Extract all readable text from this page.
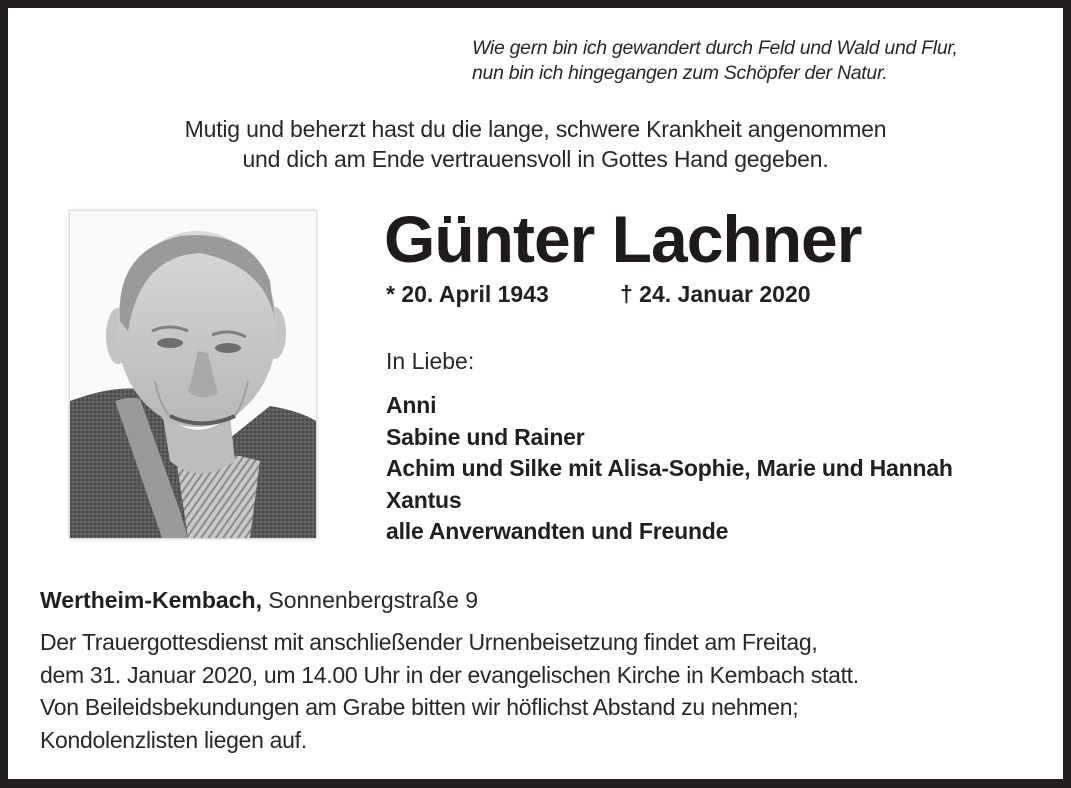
Wie gern bin ich gewandert durch Feld und Wald und Flur,
nun bin ich hingegangen zum Schöpfer der Natur.
Mutig und beherzt hast du die lange, schwere Krankheit angenommen
und dich am Ende vertrauensvoll in Gottes Hand gegeben.
Günter Lachner
* 20. April 1943	† 24. Januar 2020
In Liebe:
Anni
Sabine und Rainer
Achim und Silke mit Alisa-Sophie, Marie und Hannah
Xantus
alle Anverwandten und Freunde
Wertheim-Kembach, Sonnenbergstraße 9
Der Trauergottesdienst mit anschließender Urnenbeisetzung findet am Freitag,
dem 31. Januar 2020, um 14.00 Uhr in der evangelischen Kirche in Kembach statt.
Von Beileidsbekundungen am Grabe bitten wir höflichst Abstand zu nehmen;
Kondolenzlisten liegen auf.
